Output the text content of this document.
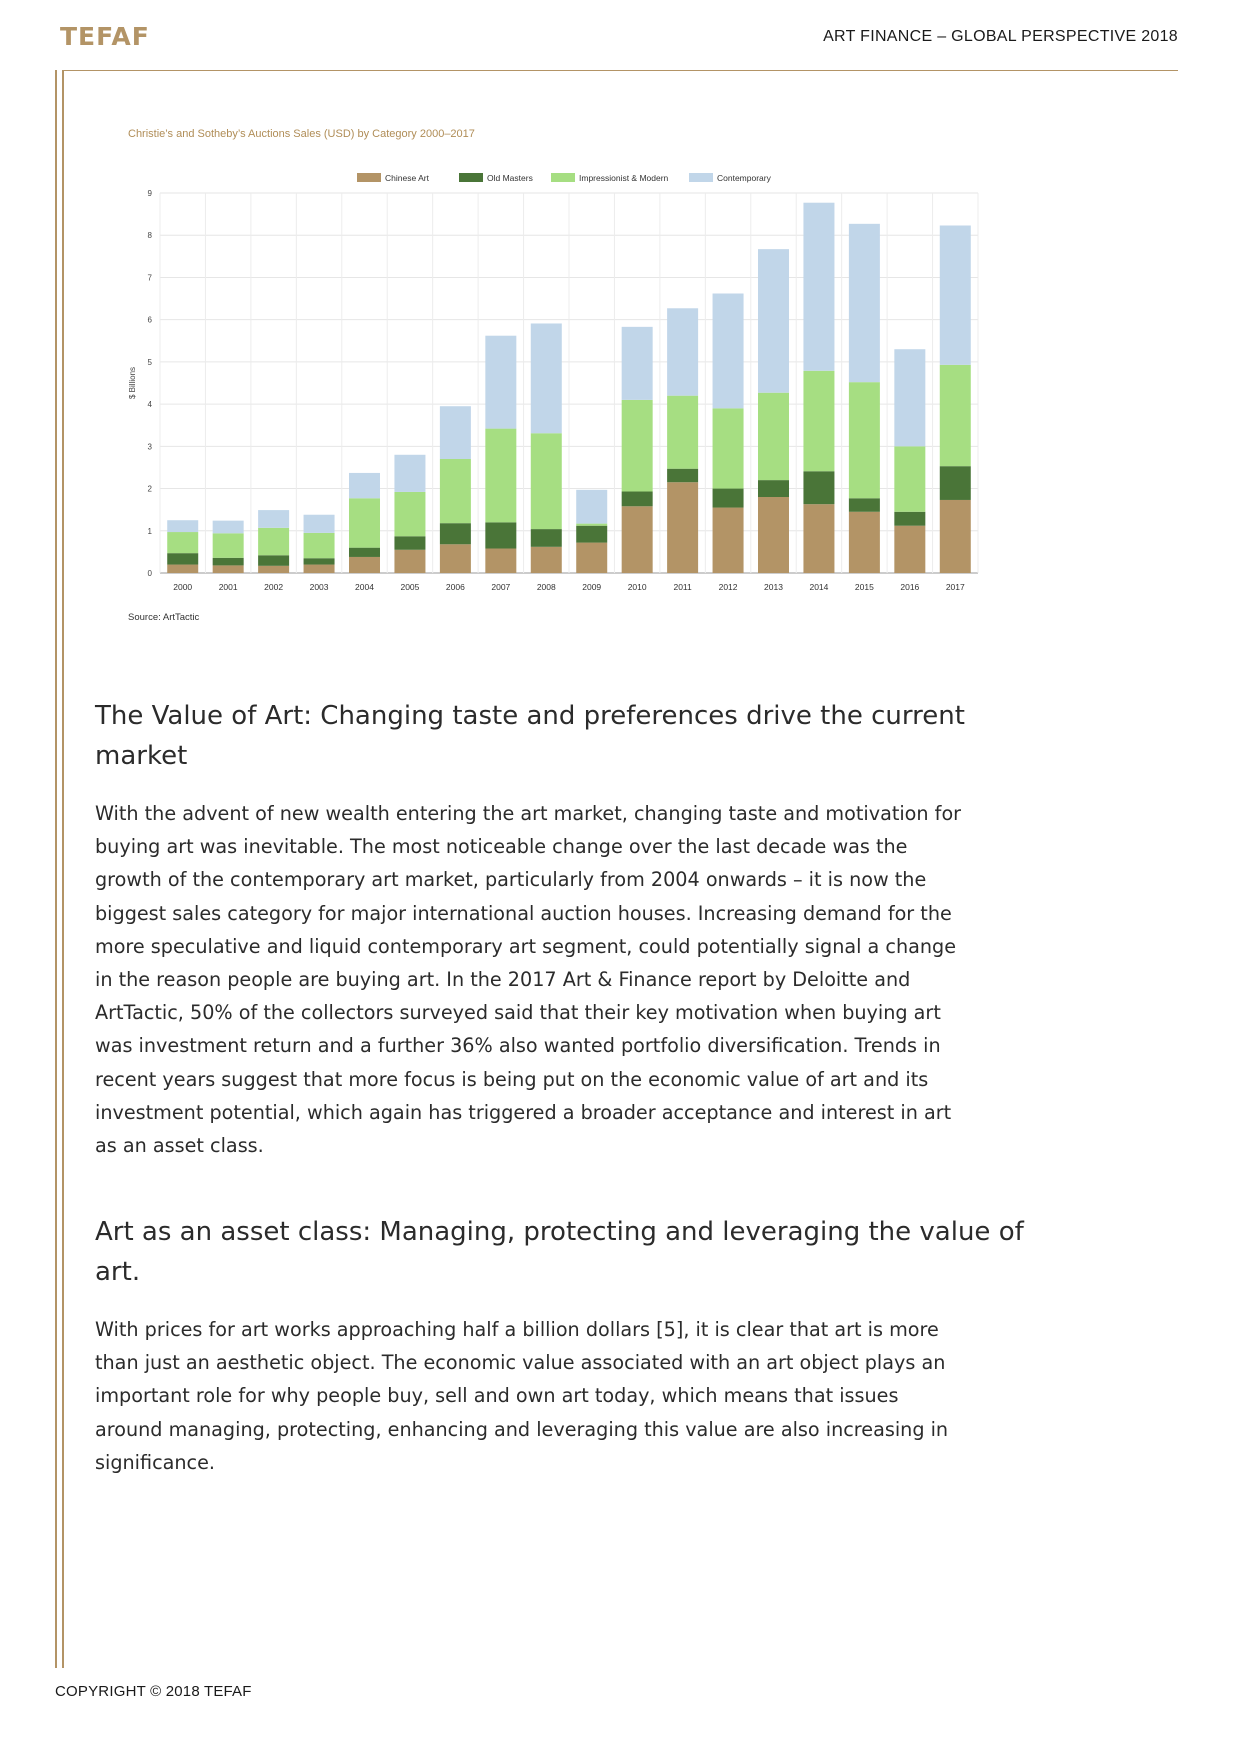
TEFAF	ART FINANCE – GLOBAL PERSPECTIVE 2018
Christie’s and Sotheby’s Auctions Sales (USD) by Category 2000–2017
0
1
2
3
4
5
6
7
8
9
2000	2001	2002	2003	2004	2005	2006	2007	2008	2009	2010	2011	2012	2013	2014	2015	2016	2017
$ Billions
Chinese Art	Old Masters	Impressionist & Modern	Contemporary
Source: ArtTactic
The Value of Art: Changing taste and preferences drive the current
market
With the advent of new wealth entering the art market, changing taste and motivation for
buying art was inevitable. The most noticeable change over the last decade was the
growth of the contemporary art market, particularly from 2004 onwards – it is now the
biggest sales category for major international auction houses. Increasing demand for the
more speculative and liquid contemporary art segment, could potentially signal a change
in the reason people are buying art. In the 2017 Art & Finance report by Deloitte and
ArtTactic, 50% of the collectors surveyed said that their key motivation when buying art
was investment return and a further 36% also wanted portfolio diversification. Trends in
recent years suggest that more focus is being put on the economic value of art and its
investment potential, which again has triggered a broader acceptance and interest in art
as an asset class.
Art as an asset class: Managing, protecting and leveraging the value of
art.
With prices for art works approaching half a billion dollars [5], it is clear that art is more
than just an aesthetic object. The economic value associated with an art object plays an
important role for why people buy, sell and own art today, which means that issues
around managing, protecting, enhancing and leveraging this value are also increasing in
significance.
COPYRIGHT © 2018 TEFAF
